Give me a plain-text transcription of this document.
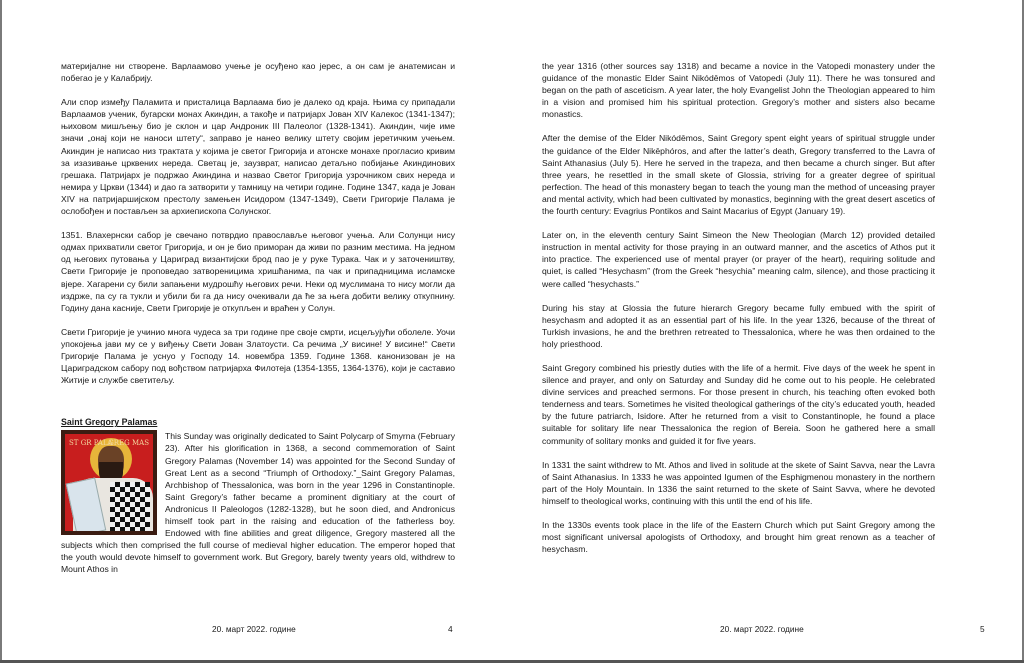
материјалне ни створене. Варлаамово учење је осуђено као јерес, а он сам је анатемисан и побегао је у Калабрију.

Али спор између Паламита и присталица Варлаама био је далеко од краја. Њима су припадали Варлаамов ученик, бугарски монах Акиндин, а такође и патријарх Јован XIV Калекос (1341-1347); њиховом мишљењу био је склон и цар Андроник III Палеолог (1328-1341). Акиндин, чије име значи „онај који не наноси штету“, заправо је нанео велику штету својим јеретичким учењем. Акиндин је написао низ трактата у којима је светог Григорија и атонске монахе прогласио кривим за изазивање црквених нереда. Светац је, заузврат, написао детаљно побијање Акиндинових грешака. Патријарх је подржао Акиндина и назвао Светог Григорија узрочником свих нереда и немира у Цркви (1344) и дао га затворити у тамницу на четири године. Године 1347, када је Јован XIV на патријаршијском престолу замењен Исидором (1347-1349), Свети Григорије Палама је ослобођен и постављен за архиепископа Солунског.

1351. Влахернски сабор је свечано потврдио православље његовог учења. Али Солунци нису одмах прихватили светог Григорија, и он је био приморан да живи по разним местима. На једном од његових путовања у Цариград византијски брод пао је у руке Турака. Чак и у заточеништву, Свети Григорије је проповедао затвореницима хришћанима, па чак и припадницима исламске вјере. Хагарени су били запањени мудрошћу његових речи. Неки од муслимана то нису могли да издрже, па су га тукли и убили би га да нису очекивали да ће за њега добити велику откупнину. Годину дана касније, Свети Григорије је откупљен и враћен у Солун.

Свети Григорије је учинио многа чудеса за три године пре своје смрти, исцељујући оболеле. Уочи упокојења јави му се у виђењу Свети Јован Златоусти. Са речима „У висине! У висине!“ Свети Григорије Палама је уснуо у Господу 14. новембра 1359. Године 1368. канонизован је на Цариградском сабору под вођством патријарха Филотеја (1354-1355, 1364-1376), који је саставио Житије и службе светитељу.

Saint Gregory Palamas
ST GR PALA
GREG MAS

This Sunday was originally dedicated to Saint Polycarp of Smyrna (February 23). After his glorification in 1368, a second commemoration of Saint Gregory Palamas (November 14) was appointed for the Second Sunday of Great Lent as a second “Triumph of Orthodoxy.”_Saint Gregory Palamas, Archbishop of Thessalonica, was born in the year 1296 in Constantinople. Saint Gregory’s father became a prominent dignitiary at the court of Andronicus II Paleologos (1282-1328), but he soon died, and Andronicus himself took part in the raising and education of the fatherless boy. Endowed with fine abilities and great diligence, Gregory mastered all the subjects which then comprised the full course of medieval higher education. The emperor hoped that the youth would devote himself to government work. But Gregory, barely twenty years old, withdrew to Mount Athos in

20. март 2022. године	4

the year 1316 (other sources say 1318) and became a novice in the Vatopedi monastery under the guidance of the monastic Elder Saint Nikódēmos of Vatopedi (July 11). There he was tonsured and began on the path of asceticism. A year later, the holy Evangelist John the Theologian appeared to him in a vision and promised him his spiritual protection. Gregory’s mother and sisters also became monastics.

After the demise of the Elder Nikódēmos, Saint Gregory spent eight years of spiritual struggle under the guidance of the Elder Nikēphóros, and after the latter’s death, Gregory transferred to the Lavra of Saint Athanasius (July 5). Here he served in the trapeza, and then became a church singer. But after three years, he resettled in the small skete of Glossia, striving for a greater degree of spiritual perfection. The head of this monastery began to teach the young man the method of unceasing prayer and mental activity, which had been cultivated by monastics, beginning with the great desert ascetics of the fourth century: Evagrius Pontikos and Saint Macarius of Egypt (January 19).

Later on, in the eleventh century Saint Simeon the New Theologian (March 12) provided detailed instruction in mental activity for those praying in an outward manner, and the ascetics of Athos put it into practice. The experienced use of mental prayer (or prayer of the heart), requiring solitude and quiet, is called “Hesychasm” (from the Greek “hesychia” meaning calm, silence), and those practicing it were called “hesychasts.”

During his stay at Glossia the future hierarch Gregory became fully embued with the spirit of hesychasm and adopted it as an essential part of his life. In the year 1326, because of the threat of Turkish invasions, he and the brethren retreated to Thessalonica, where he was then ordained to the holy priesthood.

Saint Gregory combined his priestly duties with the life of a hermit. Five days of the week he spent in silence and prayer, and only on Saturday and Sunday did he come out to his people. He celebrated divine services and preached sermons. For those present in church, his teaching often evoked both tenderness and tears. Sometimes he visited theological gatherings of the city’s educated youth, headed by the future patriarch, Isidore. After he returned from a visit to Constantinople, he found a place suitable for solitary life near Thessalonica the region of Bereia. Soon he gathered here a small community of solitary monks and guided it for five years.

In 1331 the saint withdrew to Mt. Athos and lived in solitude at the skete of Saint Savva, near the Lavra of Saint Athanasius. In 1333 he was appointed Igumen of the Esphigmenou monastery in the northern part of the Holy Mountain. In 1336 the saint returned to the skete of Saint Savva, where he devoted himself to theological works, continuing with this until the end of his life.

In the 1330s events took place in the life of the Eastern Church which put Saint Gregory among the most significant universal apologists of Orthodoxy, and brought him great renown as a teacher of hesychasm.

20. март 2022. године	5
